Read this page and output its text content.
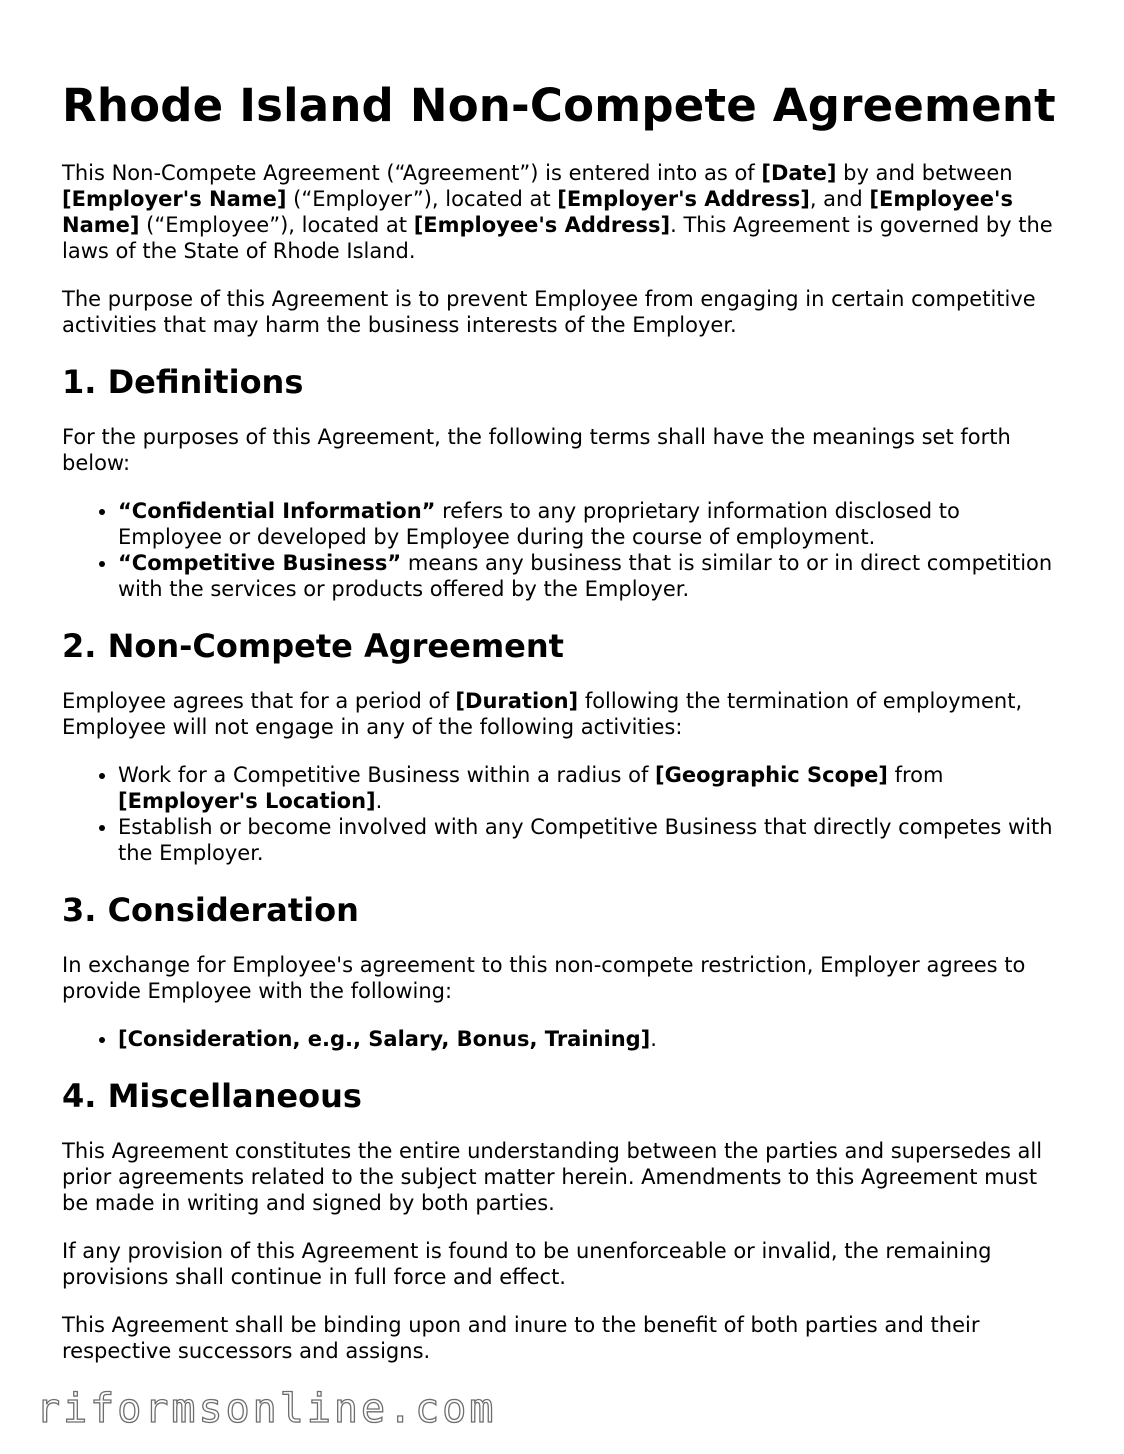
Rhode Island Non-Compete Agreement

This Non-Compete Agreement (“Agreement”) is entered into as of [Date] by and between [Employer's Name] (“Employer”), located at [Employer's Address], and [Employee's Name] (“Employee”), located at [Employee's Address]. This Agreement is governed by the laws of the State of Rhode Island.

The purpose of this Agreement is to prevent Employee from engaging in certain competitive activities that may harm the business interests of the Employer.

1. Definitions

For the purposes of this Agreement, the following terms shall have the meanings set forth below:

• “Confidential Information” refers to any proprietary information disclosed to Employee or developed by Employee during the course of employment.
• “Competitive Business” means any business that is similar to or in direct competition with the services or products offered by the Employer.
2. Non-Compete Agreement

Employee agrees that for a period of [Duration] following the termination of employment, Employee will not engage in any of the following activities:

• Work for a Competitive Business within a radius of [Geographic Scope] from [Employer's Location].
• Establish or become involved with any Competitive Business that directly competes with the Employer.
3. Consideration

In exchange for Employee's agreement to this non-compete restriction, Employer agrees to provide Employee with the following:

• [Consideration, e.g., Salary, Bonus, Training].
4. Miscellaneous

This Agreement constitutes the entire understanding between the parties and supersedes all prior agreements related to the subject matter herein. Amendments to this Agreement must be made in writing and signed by both parties.

If any provision of this Agreement is found to be unenforceable or invalid, the remaining provisions shall continue in full force and effect.

This Agreement shall be binding upon and inure to the benefit of both parties and their respective successors and assigns.

riformsonline.com
